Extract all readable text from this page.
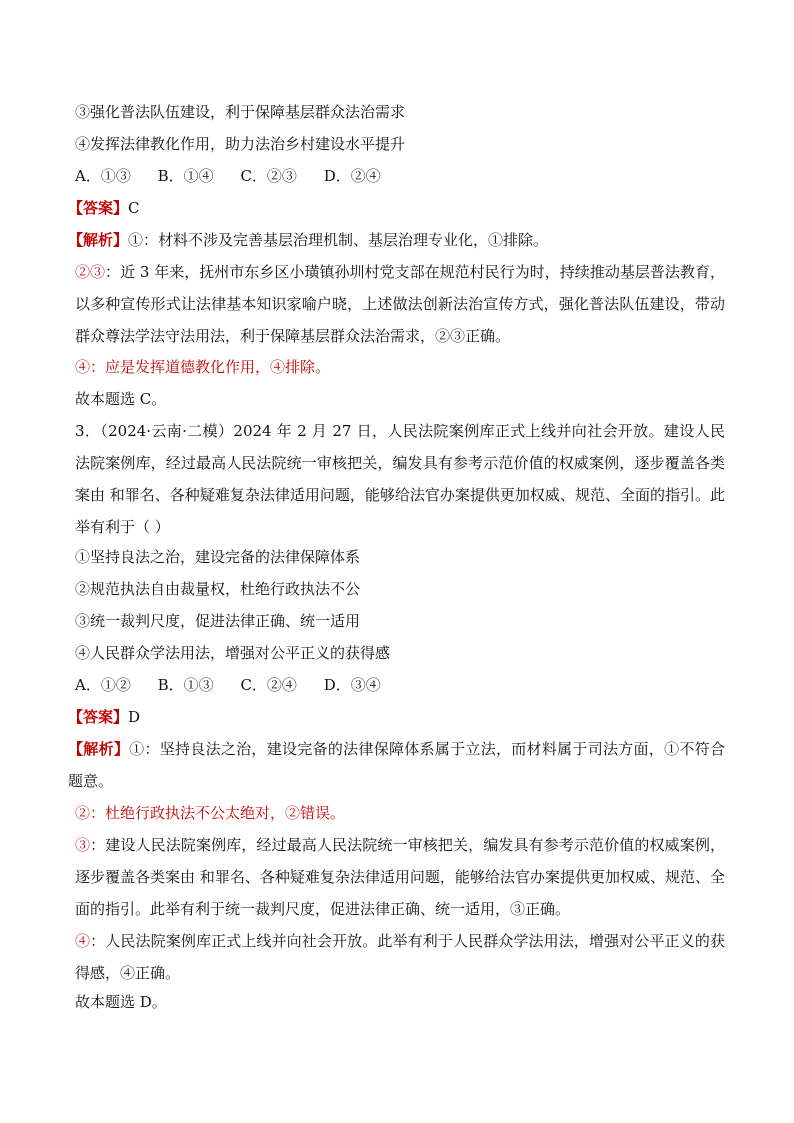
③强化普法队伍建设，利于保障基层群众法治需求
④发挥法律教化作用，助力法治乡村建设水平提升
A．①③ B．①④ C．②③ D．②④
【答案】C
【解析】①：材料不涉及完善基层治理机制、基层治理专业化，①排除。
②③：近 3 年来，抚州市东乡区小璜镇孙圳村党支部在规范村民行为时，持续推动基层普法教育，以多种宣传形式让法律基本知识家喻户晓，上述做法创新法治宣传方式，强化普法队伍建设，带动群众尊法学法守法用法，利于保障基层群众法治需求，②③正确。
④：应是发挥道德教化作用，④排除。
故本题选 C。
3．（2024·云南·二模）2024 年 2 月 27 日，人民法院案例库正式上线并向社会开放。建设人民法院案例库，经过最高人民法院统一审核把关，编发具有参考示范价值的权威案例，逐步覆盖各类案由 和罪名、各种疑难复杂法律适用问题，能够给法官办案提供更加权威、规范、全面的指引。此举有利于（ ）
①坚持良法之治，建设完备的法律保障体系
②规范执法自由裁量权，杜绝行政执法不公
③统一裁判尺度，促进法律正确、统一适用
④人民群众学法用法，增强对公平正义的获得感
A．①② B．①③ C．②④ D．③④
【答案】D
【解析】①：坚持良法之治，建设完备的法律保障体系属于立法，而材料属于司法方面，①不符合题意。
②：杜绝行政执法不公太绝对，②错误。
③：建设人民法院案例库，经过最高人民法院统一审核把关，编发具有参考示范价值的权威案例，逐步覆盖各类案由 和罪名、各种疑难复杂法律适用问题，能够给法官办案提供更加权威、规范、全面的指引。此举有利于统一裁判尺度，促进法律正确、统一适用，③正确。
④：人民法院案例库正式上线并向社会开放。此举有利于人民群众学法用法，增强对公平正义的获得感，④正确。
故本题选 D。
